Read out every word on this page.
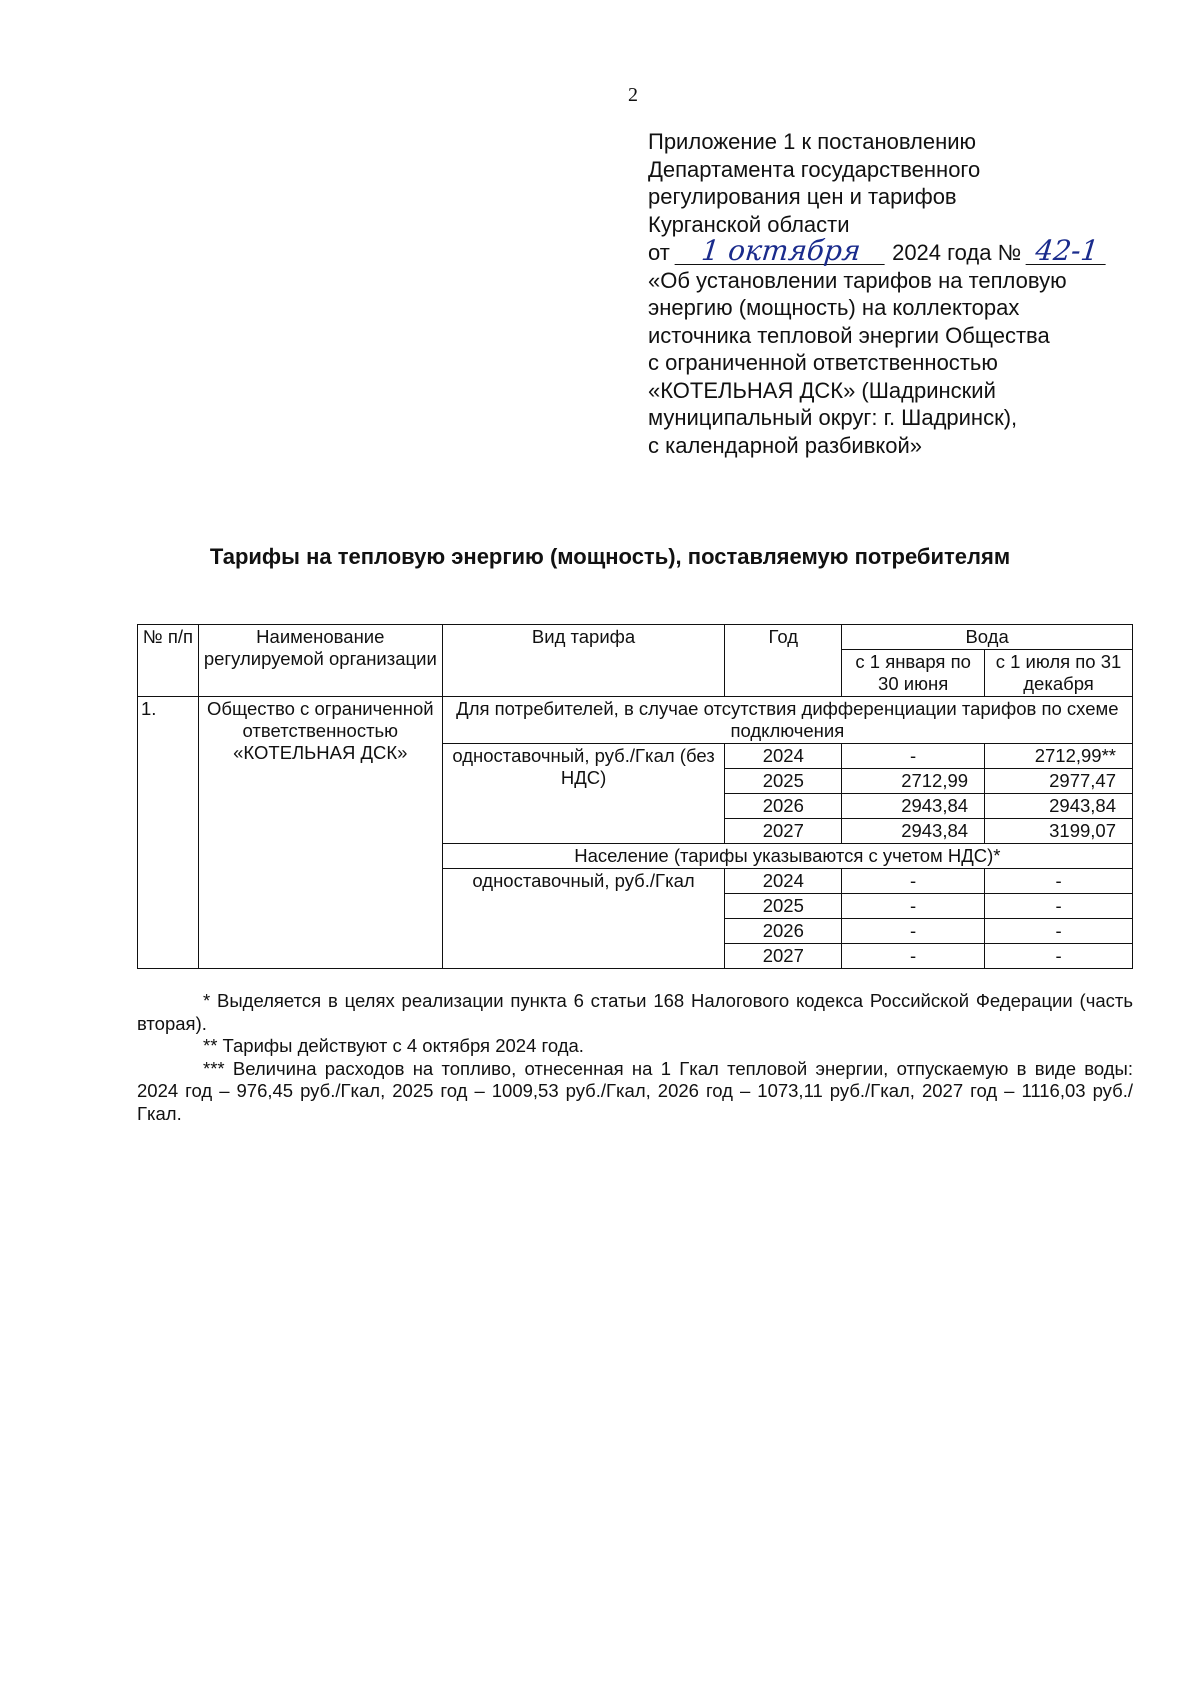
2
Приложение 1 к постановлению
Департамента государственного
регулирования цен и тарифов
Курганской области
от 1 октября 2024 года № 42-1
«Об установлении тарифов на тепловую
энергию (мощность) на коллекторах
источника тепловой энергии Общества
с ограниченной ответственностью
«КОТЕЛЬНАЯ ДСК» (Шадринский
муниципальный округ: г. Шадринск),
с календарной разбивкой»
Тарифы на тепловую энергию (мощность), поставляемую потребителям
№ п/п	Наименование регулируемой организации	Вид тарифа	Год	Вода	
				с 1 января по 30 июня	с 1 июля по 31 декабря
1.	Общество с ограниченной ответственностью «КОТЕЛЬНАЯ ДСК»	Для потребителей, в случае отсутствия дифференциации тарифов по схеме подключения			
		одноставочный, руб./Гкал (без НДС)	2024	-	2712,99**
			2025	2712,99	2977,47
			2026	2943,84	2943,84
			2027	2943,84	3199,07
		Население (тарифы указываются с учетом НДС)*			
		одноставочный, руб./Гкал	2024	-	-
			2025	-	-
			2026	-	-
			2027	-	-

* Выделяется в целях реализации пункта 6 статьи 168 Налогового кодекса Российской Федерации (часть вторая).

** Тарифы действуют с 4 октября 2024 года.

*** Величина расходов на топливо, отнесенная на 1 Гкал тепловой энергии, отпускаемую в виде воды: 2024 год – 976,45 руб./Гкал, 2025 год – 1009,53 руб./Гкал, 2026 год – 1073,11 руб./Гкал, 2027 год – 1116,03 руб./Гкал.
